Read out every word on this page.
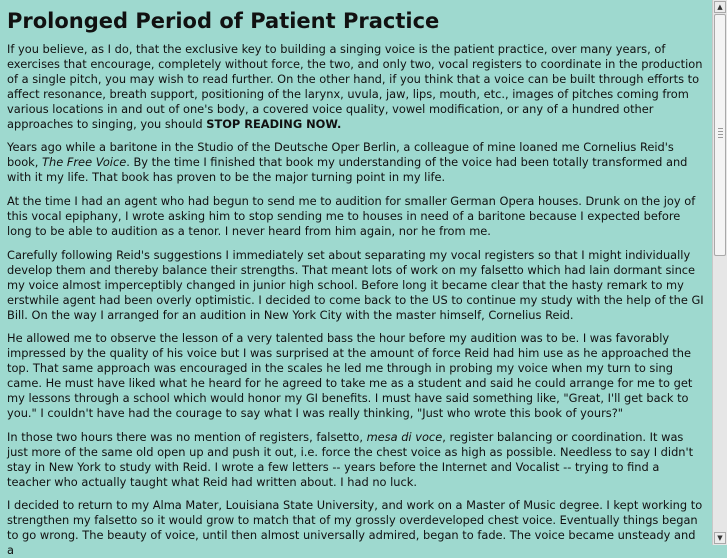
Prolonged Period of Patient Practice

If you believe, as I do, that the exclusive key to building a singing voice is the patient practice, over many years, of exercises that encourage, completely without force, the two, and only two, vocal registers to coordinate in the production of a single pitch, you may wish to read further. On the other hand, if you think that a voice can be built through efforts to affect resonance, breath support, positioning of the larynx, uvula, jaw, lips, mouth, etc., images of pitches coming from various locations in and out of one's body, a covered voice quality, vowel modification, or any of a hundred other approaches to singing, you should STOP READING NOW.

Years ago while a baritone in the Studio of the Deutsche Oper Berlin, a colleague of mine loaned me Cornelius Reid's book, The Free Voice. By the time I finished that book my understanding of the voice had been totally transformed and with it my life. That book has proven to be the major turning point in my life.

At the time I had an agent who had begun to send me to audition for smaller German Opera houses. Drunk on the joy of this vocal epiphany, I wrote asking him to stop sending me to houses in need of a baritone because I expected before long to be able to audition as a tenor. I never heard from him again, nor he from me.

Carefully following Reid's suggestions I immediately set about separating my vocal registers so that I might individually develop them and thereby balance their strengths. That meant lots of work on my falsetto which had lain dormant since my voice almost imperceptibly changed in junior high school. Before long it became clear that the hasty remark to my erstwhile agent had been overly optimistic. I decided to come back to the US to continue my study with the help of the GI Bill. On the way I arranged for an audition in New York City with the master himself, Cornelius Reid.

He allowed me to observe the lesson of a very talented bass the hour before my audition was to be. I was favorably impressed by the quality of his voice but I was surprised at the amount of force Reid had him use as he approached the top. That same approach was encouraged in the scales he led me through in probing my voice when my turn to sing came. He must have liked what he heard for he agreed to take me as a student and said he could arrange for me to get my lessons through a school which would honor my GI benefits. I must have said something like, "Great, I'll get back to you." I couldn't have had the courage to say what I was really thinking, "Just who wrote this book of yours?"

In those two hours there was no mention of registers, falsetto, mesa di voce, register balancing or coordination. It was just more of the same old open up and push it out, i.e. force the chest voice as high as possible. Needless to say I didn't stay in New York to study with Reid. I wrote a few letters -- years before the Internet and Vocalist -- trying to find a teacher who actually taught what Reid had written about. I had no luck.

I decided to return to my Alma Mater, Louisiana State University, and work on a Master of Music degree. I kept working to strengthen my falsetto so it would grow to match that of my grossly overdeveloped chest voice. Eventually things began to go wrong. The beauty of voice, until then almost universally admired, began to fade. The voice became unsteady and a

▲
▼
